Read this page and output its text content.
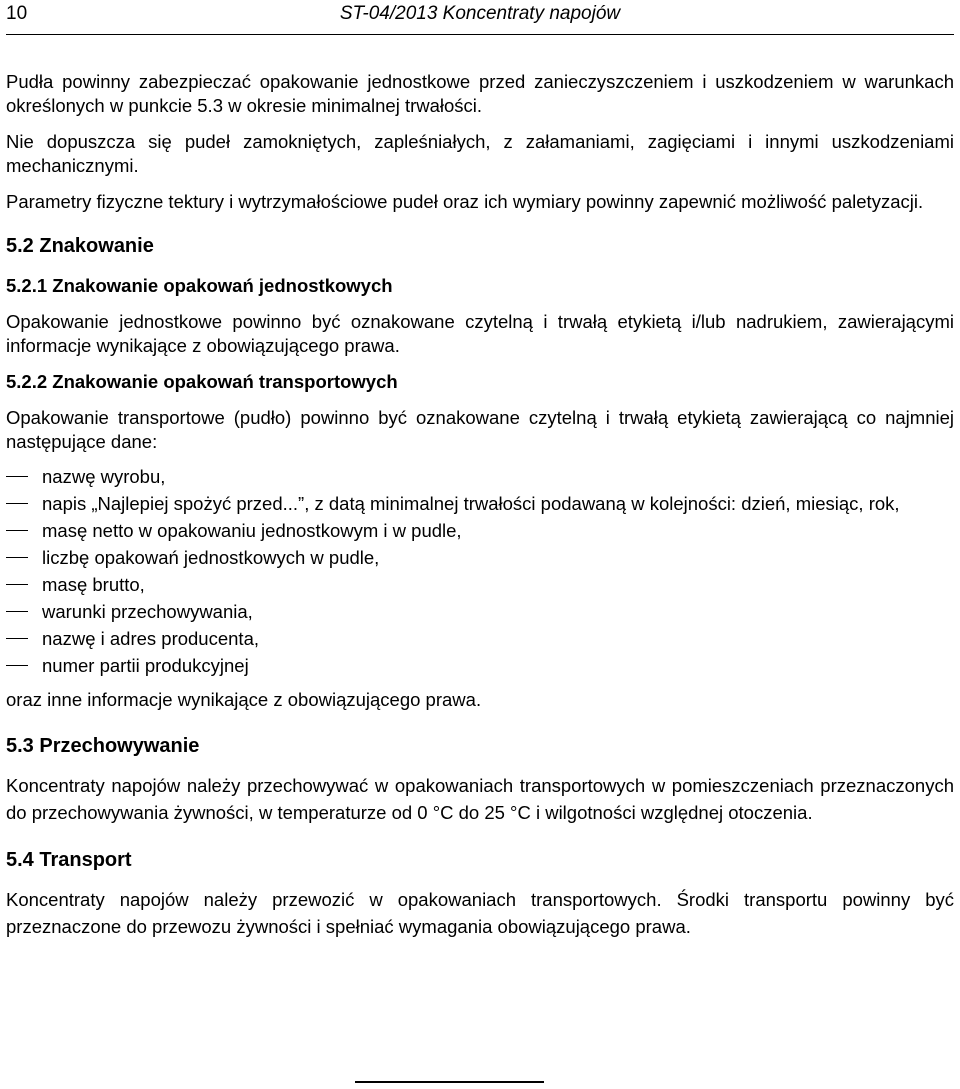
10	ST-04/2013 Koncentraty napojów

Pudła powinny zabezpieczać opakowanie jednostkowe przed zanieczyszczeniem i uszkodzeniem w warunkach określonych w punkcie 5.3 w okresie minimalnej trwałości.

Nie dopuszcza się pudeł zamokniętych, zapleśniałych, z załamaniami, zagięciami i innymi uszkodzeniami mechanicznymi.

Parametry fizyczne tektury i wytrzymałościowe pudeł oraz ich wymiary powinny zapewnić możliwość paletyzacji.

5.2 Znakowanie
5.2.1 Znakowanie opakowań jednostkowych

Opakowanie jednostkowe powinno być oznakowane czytelną i trwałą etykietą i/lub nadrukiem, zawierającymi informacje wynikające z obowiązującego prawa.

5.2.2 Znakowanie opakowań transportowych

Opakowanie transportowe (pudło) powinno być oznakowane czytelną i trwałą etykietą zawierającą co najmniej następujące dane:

nazwę wyrobu,
napis „Najlepiej spożyć przed...”, z datą minimalnej trwałości podawaną w kolejności: dzień, miesiąc, rok,
masę netto w opakowaniu jednostkowym i w pudle,
liczbę opakowań jednostkowych w pudle,
masę brutto,
warunki przechowywania,
nazwę i adres producenta,
numer partii produkcyjnej

oraz inne informacje wynikające z obowiązującego prawa.

5.3 Przechowywanie

Koncentraty napojów należy przechowywać w opakowaniach transportowych w pomieszczeniach przeznaczonych do przechowywania żywności, w temperaturze od 0 °C do 25 °C i wilgotności względnej otoczenia.

5.4 Transport

Koncentraty napojów należy przewozić w opakowaniach transportowych. Środki transportu powinny być przeznaczone do przewozu żywności i spełniać wymagania obowiązującego prawa.
